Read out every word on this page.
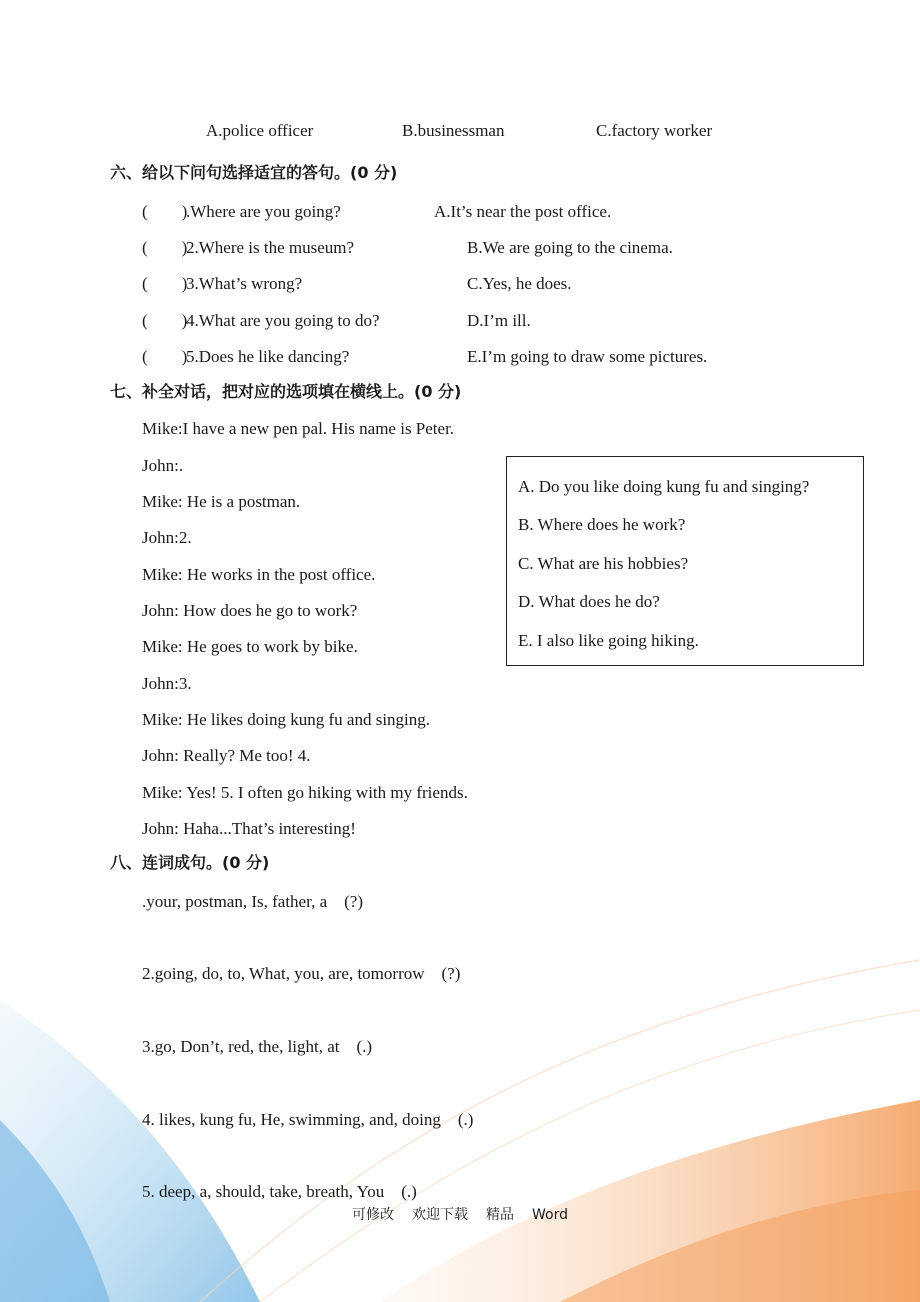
A.police officer	B.businessman	C.factory worker
六、给以下问句选择适宜的答句。(0 分)
(        )
.Where are you going?	A.It’s near the post office.
(        )
2.Where is the museum?	B.We are going to the cinema.
(        )
3.What’s wrong?	C.Yes, he does.
(        )
4.What are you going to do?	D.I’m ill.
(        )
5.Does he like dancing?	E.I’m going to draw some pictures.
七、补全对话，把对应的选项填在横线上。(0 分)
Mike:I have a new pen pal. His name is Peter.
John:.
Mike: He is a postman.
John:2.
Mike: He works in the post office.
John: How does he go to work?
Mike: He goes to work by bike.
John:3.
Mike: He likes doing kung fu and singing.
John: Really? Me too! 4.
Mike: Yes! 5. I often go hiking with my friends.
John: Haha...That’s interesting!
A. Do you like doing kung fu and singing?
B. Where does he work?
C. What are his hobbies?
D. What does he do?
E. I also like going hiking.
八、连词成句。(0 分)
.your, postman, Is, father, a    (?)
2.going, do, to, What, you, are, tomorrow    (?)
3.go, Don’t, red, the, light, at    (.)
4. likes, kung fu, He, swimming, and, doing    (.)
5. deep, a, should, take, breath, You    (.)
可修改 欢迎下载 精品 Word
